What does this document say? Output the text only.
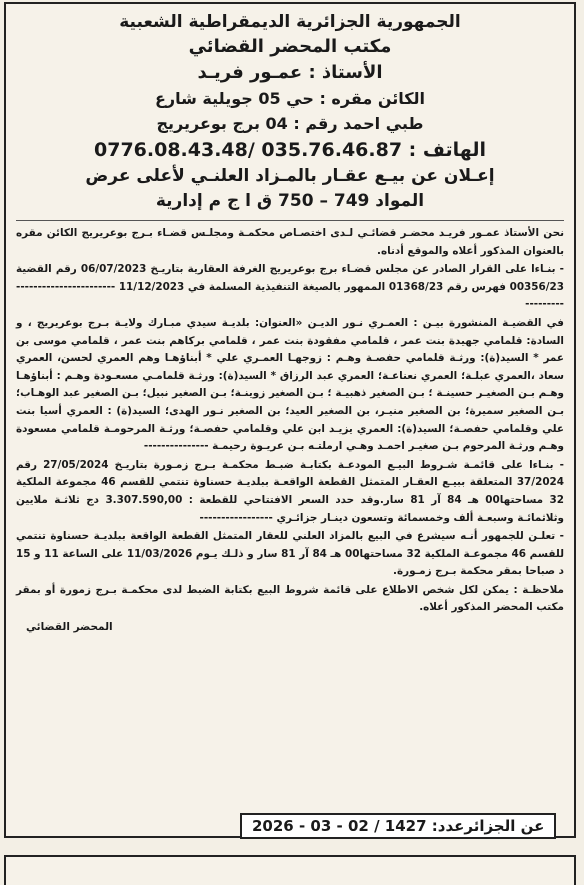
الجمهورية الجزائرية الديمقراطية الشعبية
مكتب المحضر القضائي
الأستاذ : عمـور فريـد
الكائن مقره : حي 05 جويلية شارع
طبي احمد رقم : 04 برج بوعريريج
الهاتف : 035.76.46.87 /0776.08.43.48
إعـلان عن بيـع عقـار بالمـزاد العلنـي لأعلى عرض
المواد 749 – 750 ق ا ج م إدارية

نحن الأستاذ عمـور فريـد محضـر قضائـي لـدى اختصـاص محكمـة ومجلـس قضـاء بـرج بوعريريج الكائن مقره بالعنوان المذكور أعلاه والموقع أدناه.

- بنـاءا على القرار الصادر عن مجلس قضـاء برج بوعريريج الغرفة العقارية بتاريـخ 06/07/2023 رقم القضية 00356/23 فهرس رقم 01368/23 الممهور بالصيغة التنفيذية المسلمة في 11/12/2023 --------------------------------

في القضيـة المنشورة بيـن : العمـري نـور الديـن «العنوان: بلديـة سيدي مبـارك ولايـة بـرج بوعريريج ، و السادة: قلمامي جهيدة بنت عمر ، قلمامي مفقودة بنت عمر ، قلمامي بركاهم بنت عمر ، قلمامي موسى بن عمر * السيد(ة): ورثـة قلمامي حفصـة وهـم : زوجهـا العمـري علي * أبناؤهـا وهم العمري لحسن، العمري سعاد ،العمري عبلـة؛ العمري نعناعـة؛ العمري عبد الرزاق * السيد(ة): ورثـة قلمامـي مسعـودة وهـم : أبناؤهـا وهـم بـن الصغيـر حسينـة ؛ بـن الصغير ذهبيـة ؛ بـن الصغير زوينـة؛ بـن الصغير نبيل؛ بـن الصغير عبد الوهـاب؛ بـن الصغير سميرة؛ بن الصغير منيـر، بن الصغير العيد؛ بن الصغير نـور الهدى؛ السيد(ة) : العمري أسيا بنت علي وقلمامي حفصـة؛ السيد(ة): العمري يزيـد ابن علي وقلمامي حفصـة؛ ورثـة المرحومـة قلمامي مسعودة وهـم ورثـة المرحوم بـن صغيـر احمـد وهـي ارملتـه بـن عريـوة رحيمـة ---------------

- بنـاءا على قائمـة شـروط البيـع المودعـة بكتابـة ضبـط محكمـة بـرج زمـورة بتاريـخ 27/05/2024 رقم 37/2024 المتعلقة ببيـع العقـار المتمثل القطعة الواقعـة ببلديـة حسناوة تنتمي للقسم 46 مجموعة الملكية 32 مساحتها00 هـ 84 آر 81 سار.وقد حدد السعر الافتتاحي للقطعة : 3.307.590,00 دج ثلاثـة ملايين وثلاثمائـة وسبعـة ألف وخمسمائة وتسعون دينـار جزائـري -----------------

- تعلـن للجمهور أنـه سيشرع في البيع بالمزاد العلني للعقار المتمثل القطعة الواقعة ببلديـة حسناوة تنتمي للقسم 46 مجموعـة الملكية 32 مساحتها00 هـ 84 آر 81 سار و ذلـك يـوم 11/03/2026 على الساعة 11 و 15 د صباحا بمقر محكمة بـرج زمـورة.

ملاحظـة : يمكن لكل شخص الاطلاع على قائمة شروط البيع بكتابة الضبط لدى محكمـة بـرج زمورة أو بمقر مكتب المحضر المذكور أعلاه.

المحضر القضائي
عن الجزائرعدد: 1427 / 02 - 03 - 2026
